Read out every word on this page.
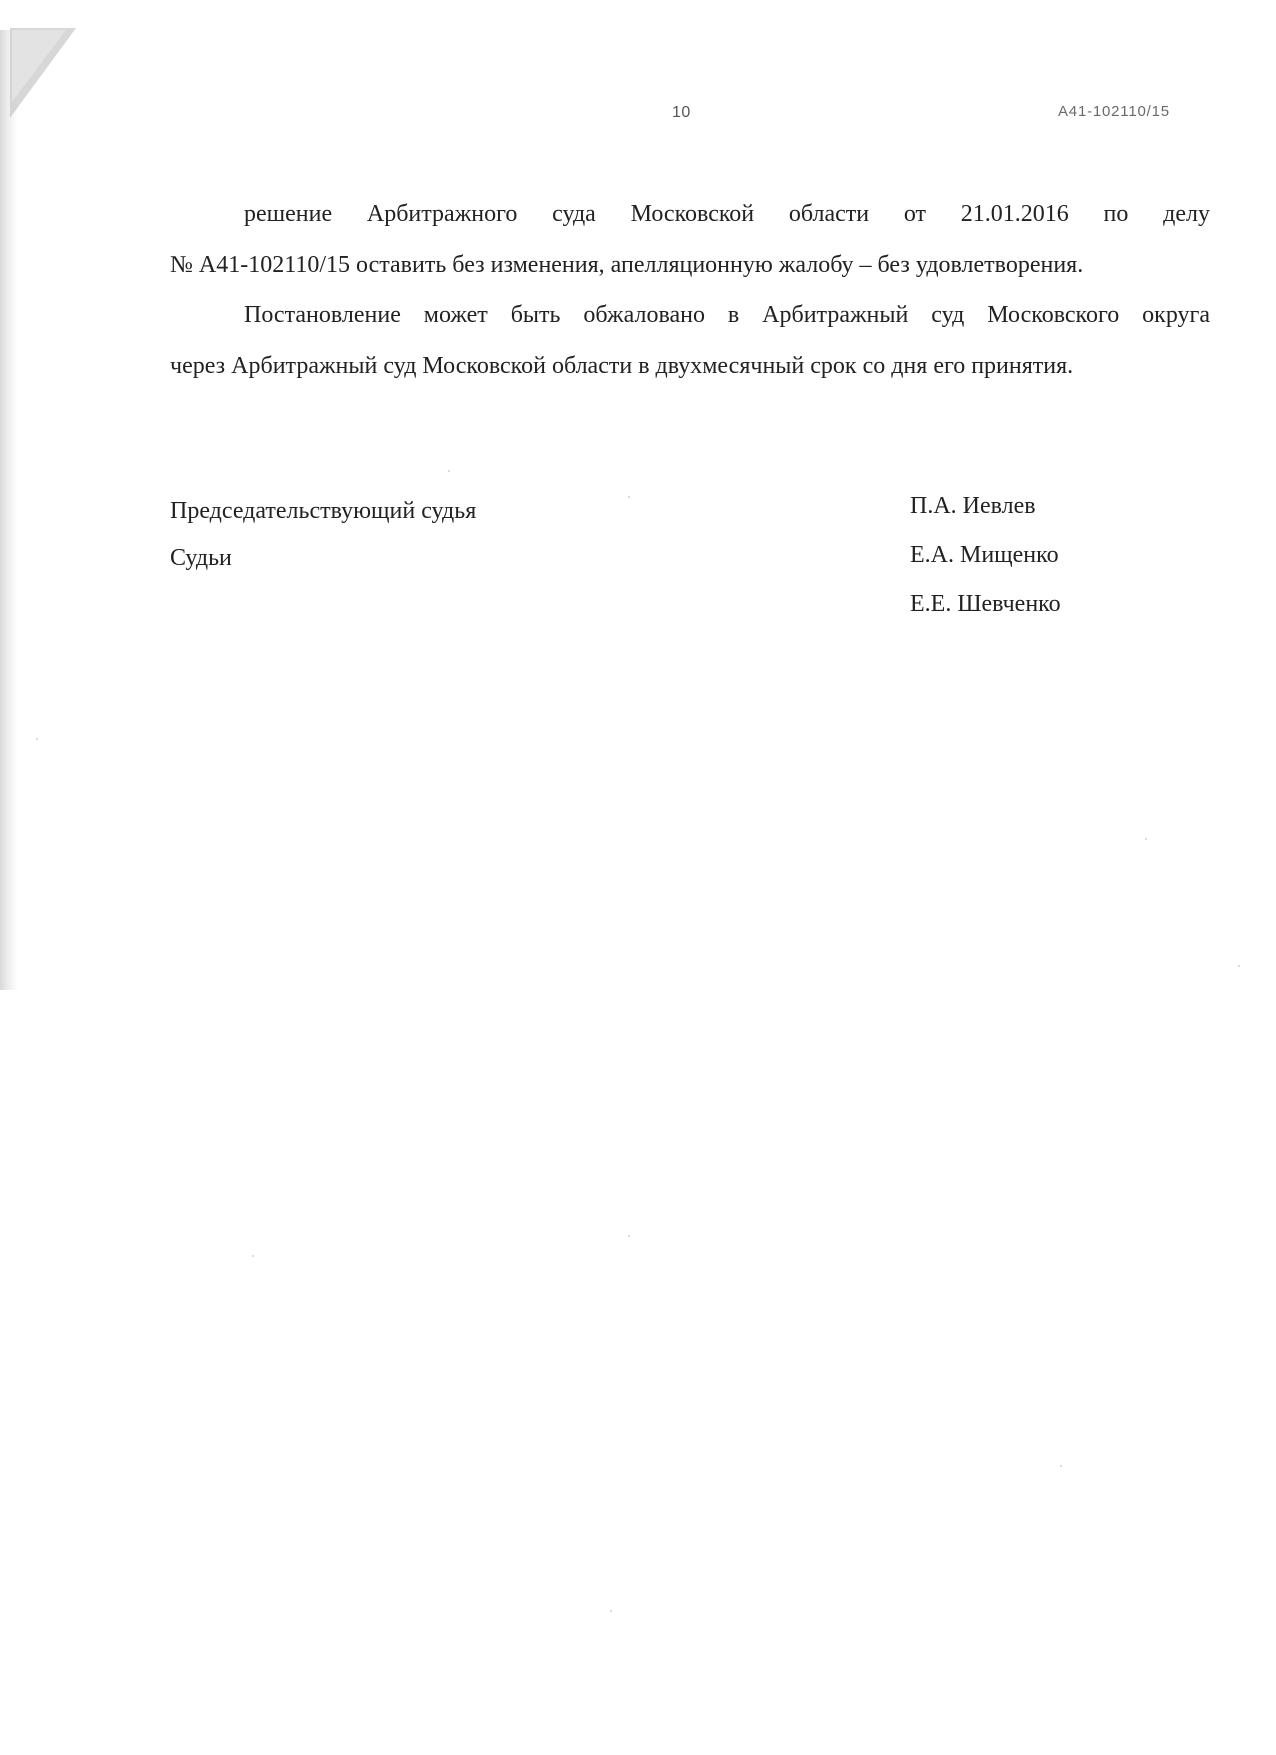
10	А41-102110/15
решение Арбитражного суда Московской области от 21.01.2016 по делу
№ А41-102110/15 оставить без изменения, апелляционную жалобу – без удовлетворения.
Постановление может быть обжаловано в Арбитражный суд Московского округа
через Арбитражный суд Московской области в двухмесячный срок со дня его принятия.
Председательствующий судья
Судьи
П.А. Иевлев
Е.А. Мищенко
Е.Е. Шевченко
